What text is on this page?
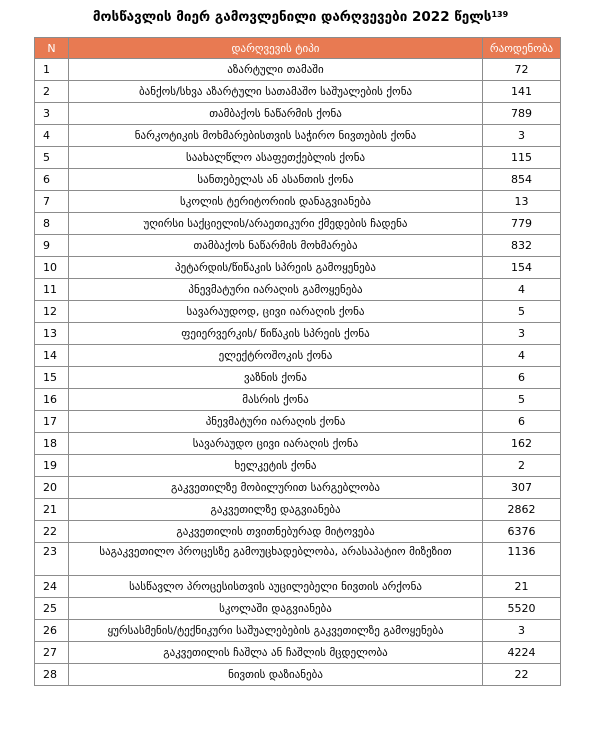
მოსწავლის მიერ გამოვლენილი დარღვევები 2022 წელს$^{139}$
N	დარღვევის ტიპი	რაოდენობა
1	აზარტული თამაში	72
2	ბანქოს/სხვა აზარტული სათამაშო საშუალების ქონა	141
3	თამბაქოს ნაწარმის ქონა	789
4	ნარკოტიკის მოხმარებისთვის საჭირო ნივთების ქონა	3
5	საახალწლო ასაფეთქებლის ქონა	115
6	სანთებელას ან ასანთის ქონა	854
7	სკოლის ტერიტორიის დანაგვიანება	13
8	უღირსი საქციელის/არაეთიკური ქმედების ჩადენა	779
9	თამბაქოს ნაწარმის მოხმარება	832
10	პეტარდის/წიწაკის სპრეის გამოყენება	154
11	პნევმატური იარაღის გამოყენება	4
12	სავარაუდოდ, ცივი იარაღის ქონა	5
13	ფეიერვერკის/ წიწაკის სპრეის ქონა	3
14	ელექტროშოკის ქონა	4
15	ვაზნის ქონა	6
16	მასრის ქონა	5
17	პნევმატური იარაღის ქონა	6
18	სავარაუდო ცივი იარაღის ქონა	162
19	ხელკეტის ქონა	2
20	გაკვეთილზე მობილურით სარგებლობა	307
21	გაკვეთილზე დაგვიანება	2862
22	გაკვეთილის თვითნებურად მიტოვება	6376
23	საგაკვეთილო პროცესზე გამოუცხადებლობა, არასაპატიო მიზეზით	1136
24	სასწავლო პროცესისთვის აუცილებელი ნივთის არქონა	21
25	სკოლაში დაგვიანება	5520
26	ყურსასმენის/ტექნიკური საშუალებების გაკვეთილზე გამოყენება	3
27	გაკვეთილის ჩაშლა ან ჩაშლის მცდელობა	4224
28	ნივთის დაზიანება	22
